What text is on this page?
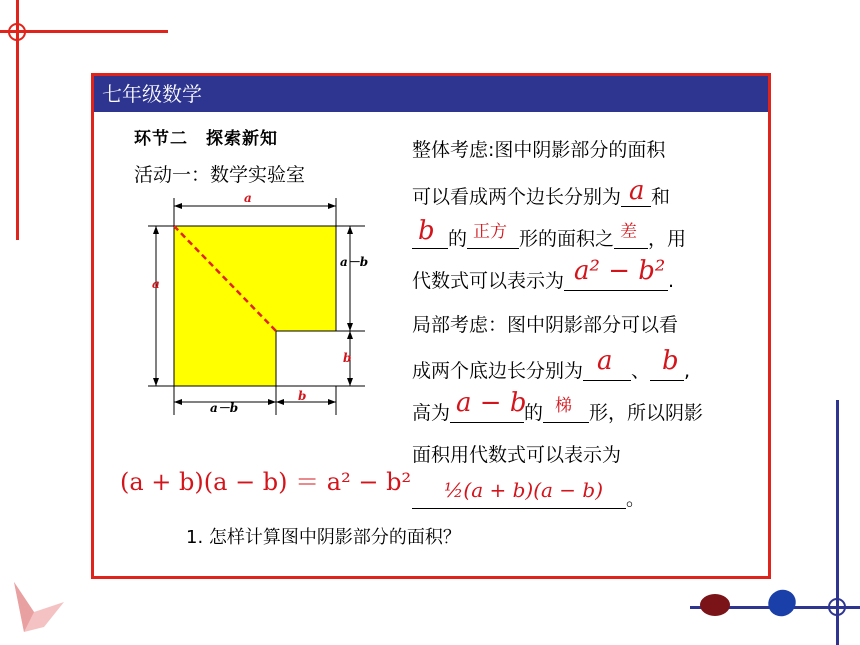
七年级数学
环节二　探索新知
活动一：数学实验室
a
a
a－b
b
a－b
b
整体考虑:图中阴影部分的面积
可以看成两个边长分别为 a 和
b 的 正方 形的面积之 差 ，用
代数式可以表示为 a² − b² .
局部考虑：图中阴影部分可以看
成两个底边长分别为 a 、 b ,
高为 a − b
的 梯 形，所以阴影
面积用代数式可以表示为
½(a + b)(a − b) 。
(a + b)(a − b) ＝ a² − b²
1. 怎样计算图中阴影部分的面积？
